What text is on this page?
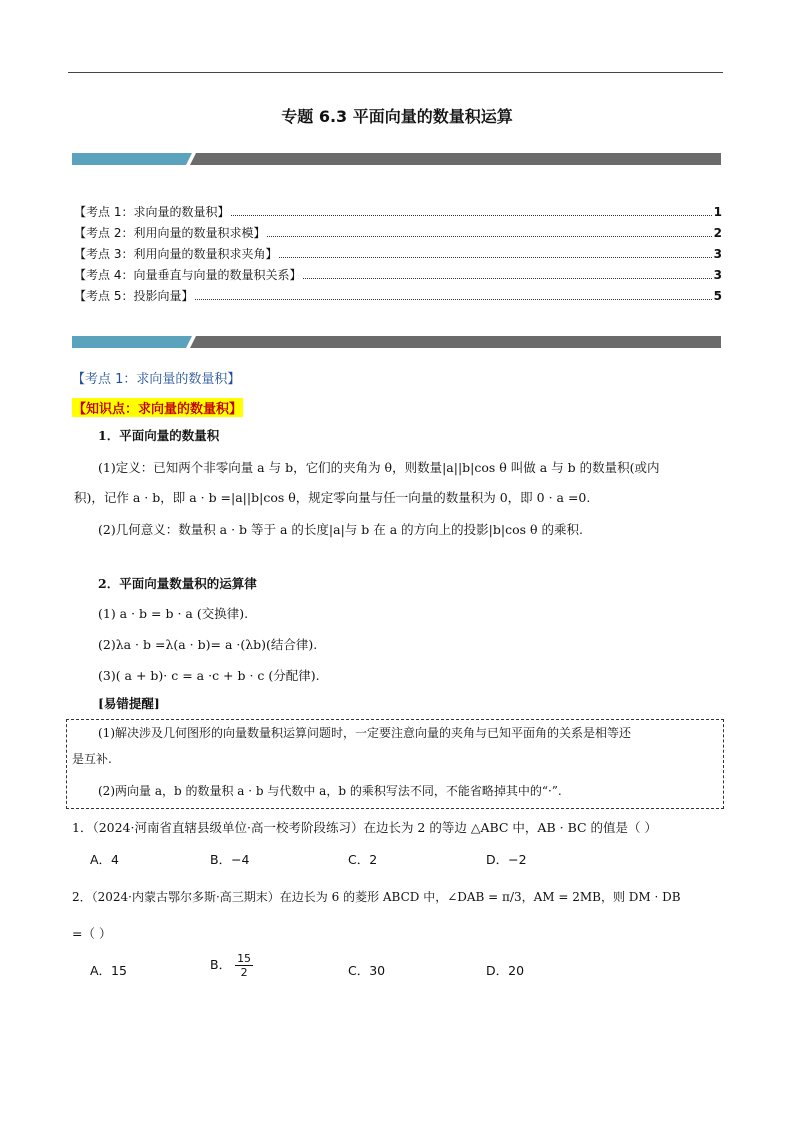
专题 6.3 平面向量的数量积运算
【考点 1：求向量的数量积】	1
【考点 2：利用向量的数量积求模】	2
【考点 3：利用向量的数量积求夹角】	3
【考点 4：向量垂直与向量的数量积关系】	3
【考点 5：投影向量】	5
【考点 1：求向量的数量积】
【知识点：求向量的数量积】
1．平面向量的数量积
(1)定义：已知两个非零向量 a 与 b，它们的夹角为 θ，则数量|a||b|cos θ 叫做 a 与 b 的数量积(或内
积)，记作 a · b，即 a · b =|a||b|cos θ，规定零向量与任一向量的数量积为 0，即 0 · a =0.
(2)几何意义：数量积 a · b 等于 a 的长度|a|与 b 在 a 的方向上的投影|b|cos θ 的乘积.
2．平面向量数量积的运算律
(1) a · b = b · a (交换律).
(2)λa · b =λ(a · b)= a ·(λb)(结合律).
(3)( a + b)· c = a ·c + b · c (分配律).
[易错提醒]
(1)解决涉及几何图形的向量数量积运算问题时，一定要注意向量的夹角与已知平面角的关系是相等还
是互补.
(2)两向量 a，b 的数量积 a · b 与代数中 a，b 的乘积写法不同，不能省略掉其中的“·”.
1．（2024·河南省直辖县级单位·高一校考阶段练习）在边长为 2 的等边 △ABC 中，AB · BC 的值是（ ）
A．4	B．−4	C．2	D．−2
2．（2024·内蒙古鄂尔多斯·高三期末）在边长为 6 的菱形 ABCD 中，∠DAB = π/3，AM = 2MB，则 DM · DB
=（ ）
A．15	B． $\frac{15}{2}$	C．30	D．20
